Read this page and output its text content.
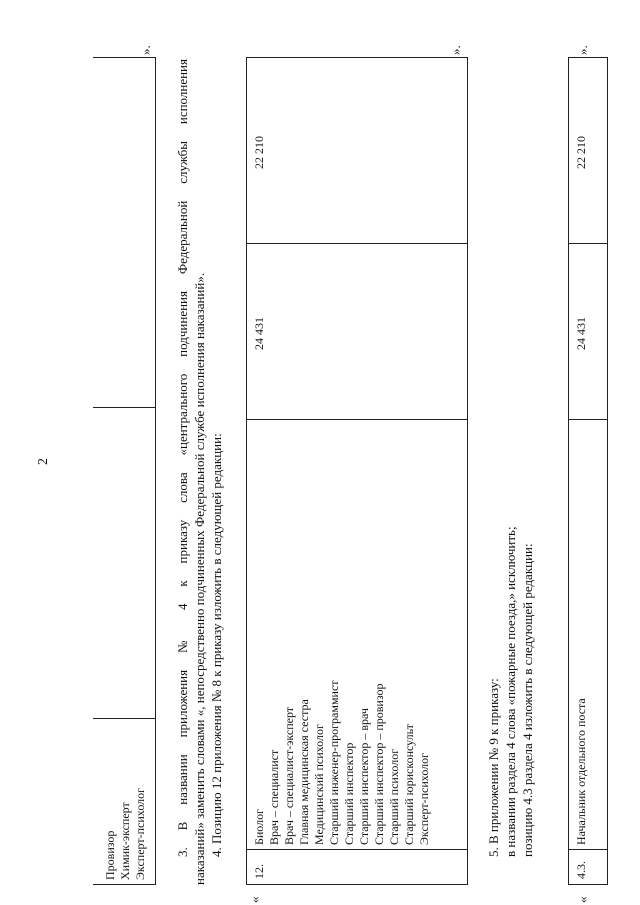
2
Провизор Химик-эксперт Эксперт-психолог
».
3. В названии приложения № 4 к приказу слова «центрального подчинения Федеральной службы исполнения наказаний» заменить словами «, непосредственно подчиненных Федеральной службе исполнения наказаний». 4. Позицию 12 приложения № 8 к приказу изложить в следующей редакции:
«
12.
Биолог Врач – специалист Врач – специалист-эксперт Главная медицинская сестра Медицинский психолог Старший инженер-программист Старший инспектор Старший инспектор – врач Старший инспектор – провизор Старший психолог Старший юрисконсульт Эксперт-психолог
24 431
22 210
».
5. В приложении № 9 к приказу: в названии раздела 4 слова «пожарные поезда,» исключить; позицию 4.3 раздела 4 изложить в следующей редакции:
«
4.3.
Начальник отдельного поста
24 431
22 210
».
